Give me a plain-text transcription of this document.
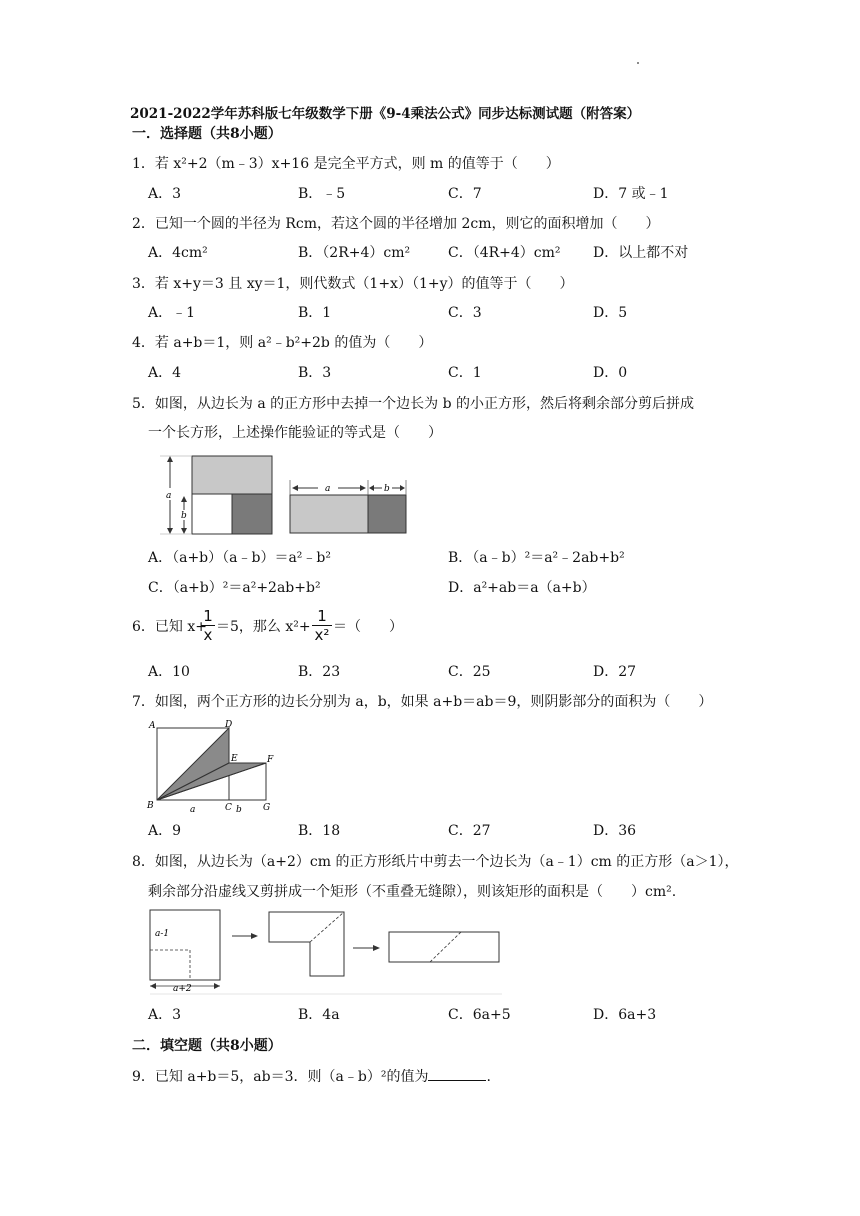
2021-2022学年苏科版七年级数学下册《9-4乘法公式》同步达标测试题（附答案）
一．选择题（共8小题）
1．若 x²+2（m﹣3）x+16 是完全平方式，则 m 的值等于（　　）
A．3	B．﹣5	C．7	D．7 或﹣1
2．已知一个圆的半径为 Rcm，若这个圆的半径增加 2cm，则它的面积增加（　　）
A．4cm²	B．（2R+4）cm²	C．（4R+4）cm² D．以上都不对
3．若 x+y＝3 且 xy＝1，则代数式（1+x）（1+y）的值等于（　　）
A．﹣1	B．1	C．3	D．5
4．若 a+b＝1，则 a²﹣b²+2b 的值为（　　）
A．4	B．3	C．1	D．0
5．如图，从边长为 a 的正方形中去掉一个边长为 b 的小正方形，然后将剩余部分剪后拼成
一个长方形，上述操作能验证的等式是（　　）
a
b
a	b
A．（a+b）（a﹣b）＝a²﹣b²	B．（a﹣b）²＝a²﹣2ab+b²
C．（a+b）²＝a²+2ab+b²	D．a²+ab＝a（a+b）
6．已知 x+
1
x ＝5，那么 x²+
1
x² ＝（　　）
A．10	B．23	C．25	D．27
7．如图，两个正方形的边长分别为 a，b，如果 a+b＝ab＝9，则阴影部分的面积为（　　）
A	D
E	F
B	C	G
a	b
A．9	B．18	C．27	D．36
8．如图，从边长为（a+2）cm 的正方形纸片中剪去一个边长为（a﹣1）cm 的正方形（a＞1），
剩余部分沿虚线又剪拼成一个矩形（不重叠无缝隙），则该矩形的面积是（　　）cm².
a-1
a+2
A．3	B．4a	C．6a+5	D．6a+3
二．填空题（共8小题）
9．已知 a+b＝5，ab＝3．则（a﹣b）²的值为	.
